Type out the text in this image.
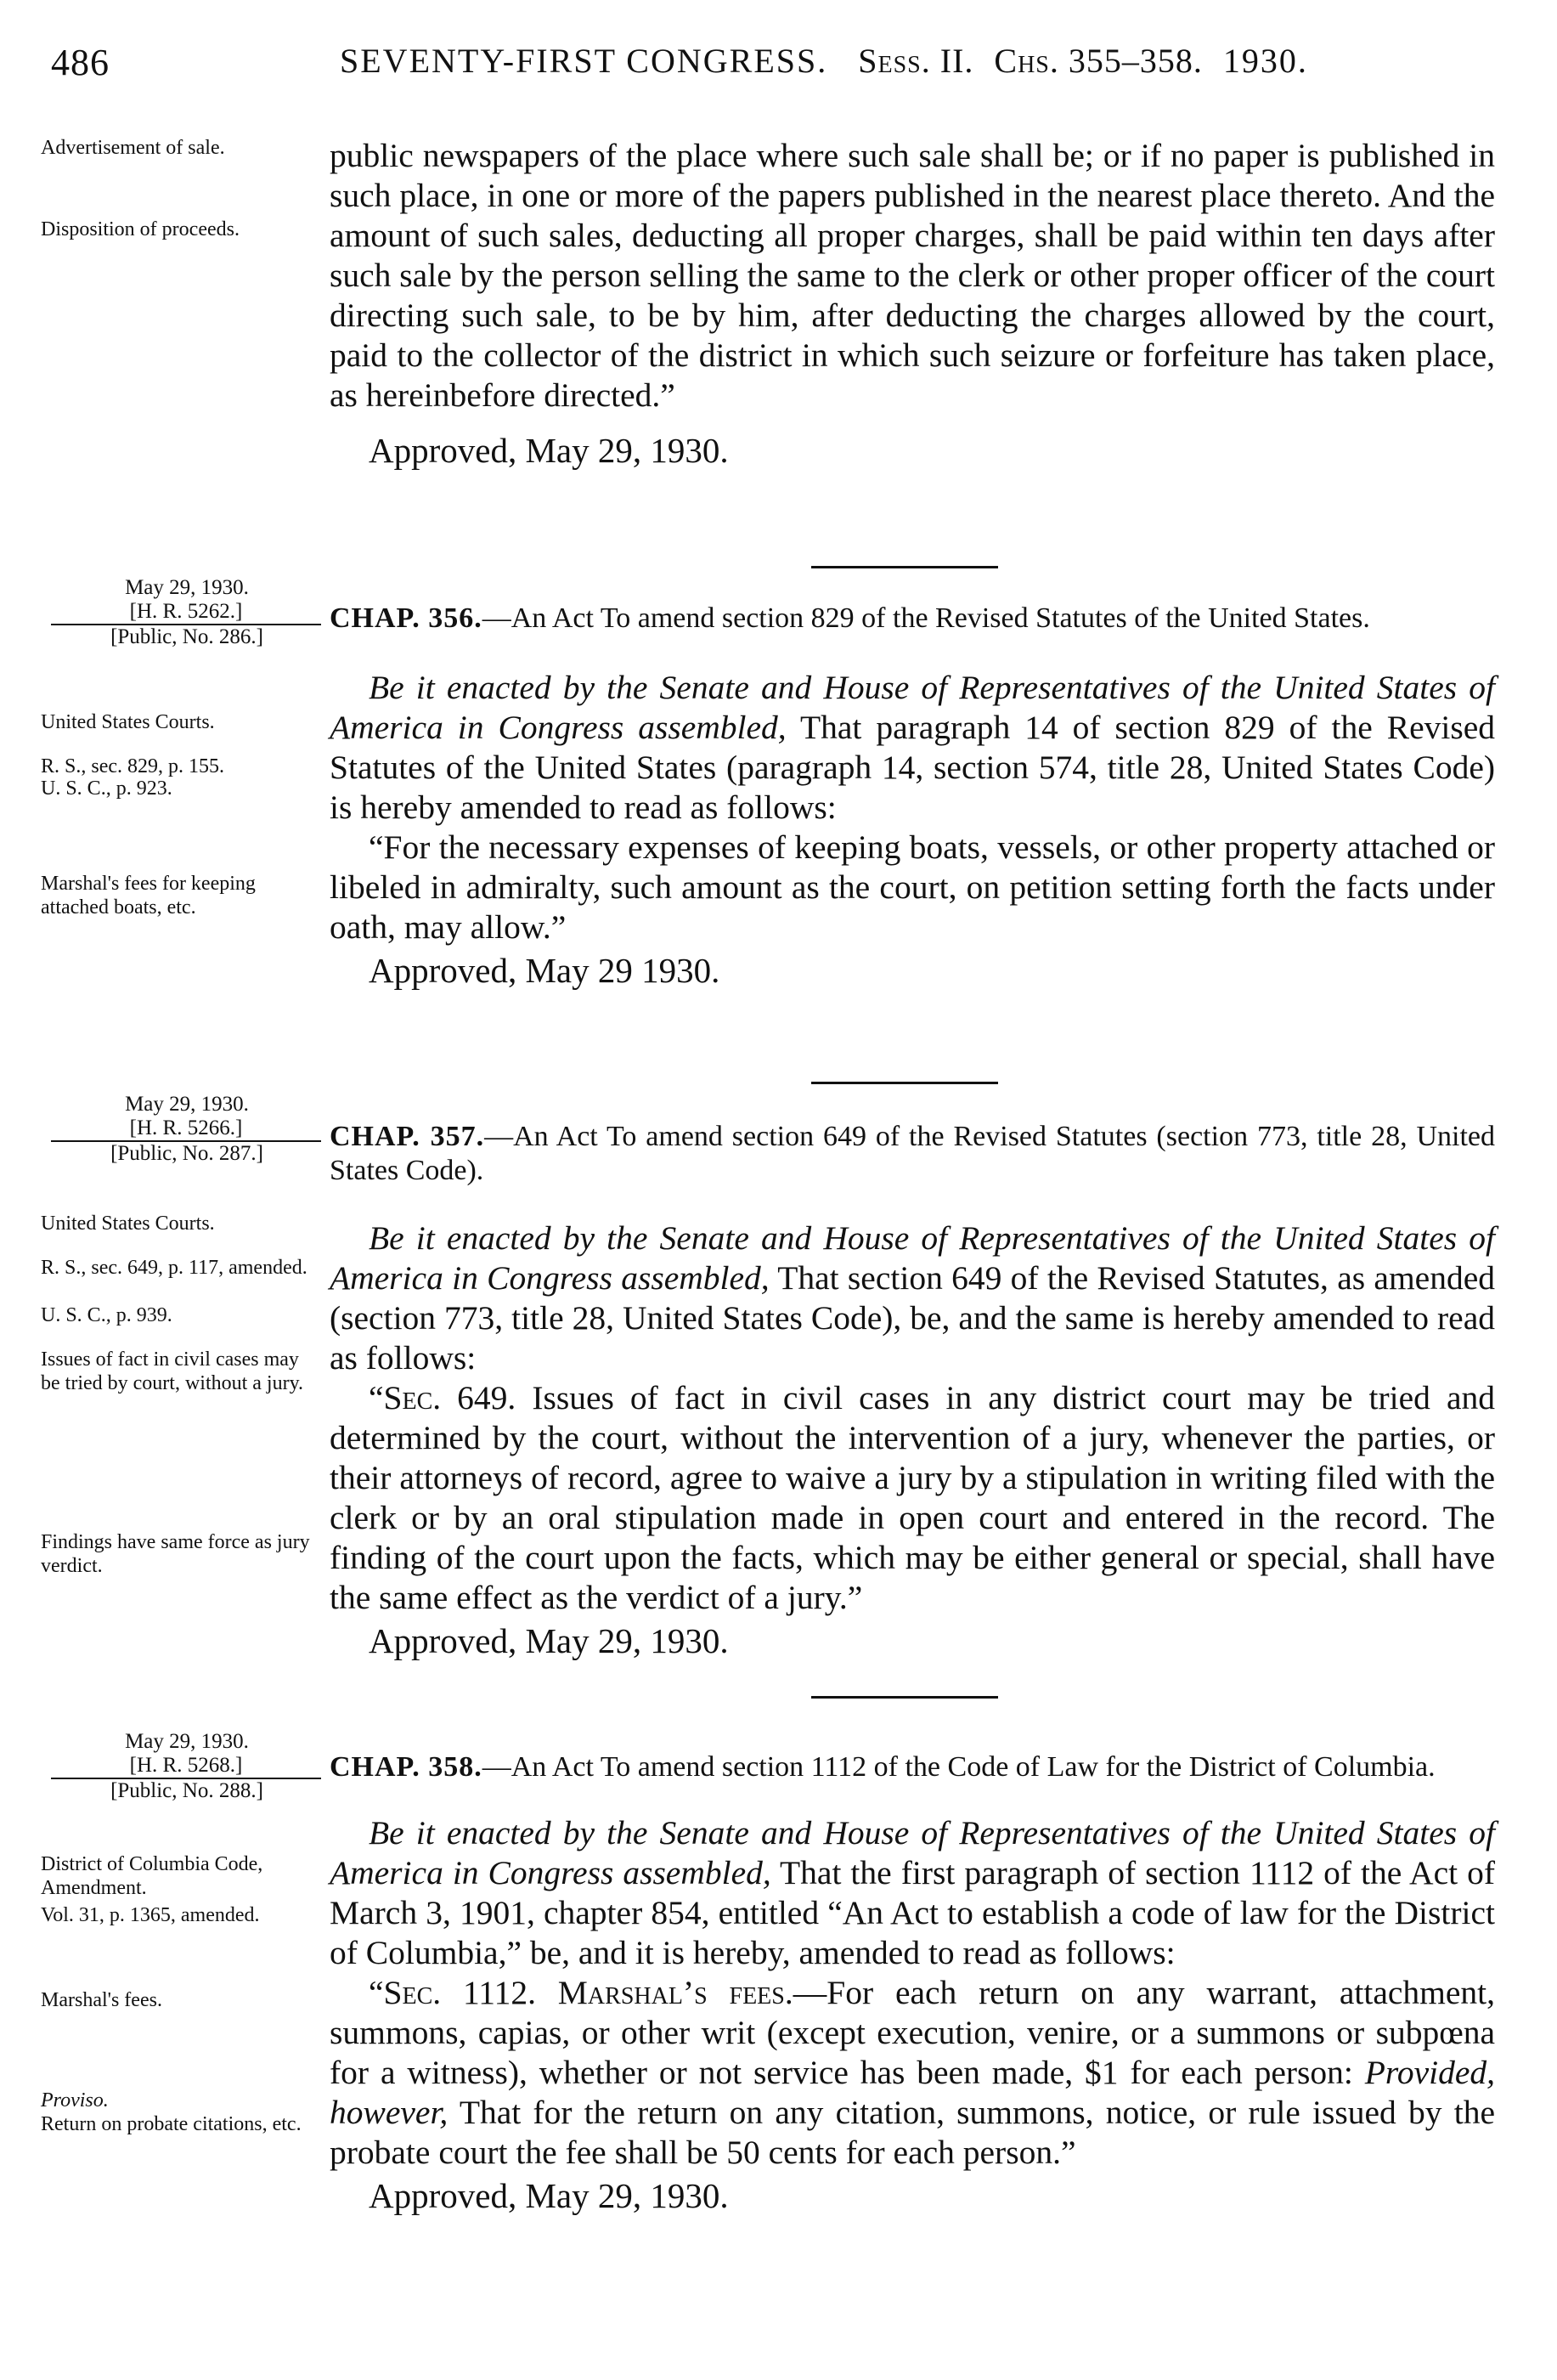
486	SEVENTY-FIRST CONGRESS. Sess. II. Chs. 355–358. 1930.
Advertisement of sale.
Disposition of proceeds.

public newspapers of the place where such sale shall be; or if no paper is published in such place, in one or more of the papers published in the nearest place thereto. And the amount of such sales, deducting all proper charges, shall be paid within ten days after such sale by the person selling the same to the clerk or other proper officer of the court directing such sale, to be by him, after deducting the charges allowed by the court, paid to the collector of the district in which such seizure or forfeiture has taken place, as hereinbefore directed.”

Approved, May 29, 1930.
May 29, 1930.
[H. R. 5262.]
[Public, No. 286.]

CHAP. 356.—An Act To amend section 829 of the Revised Statutes of the United States.

Be it enacted by the Senate and House of Representatives of the United States of America in Congress assembled, That paragraph 14 of section 829 of the Revised Statutes of the United States (paragraph 14, section 574, title 28, United States Code) is hereby amended to read as follows:

“For the necessary expenses of keeping boats, vessels, or other property attached or libeled in admiralty, such amount as the court, on petition setting forth the facts under oath, may allow.”

Approved, May 29 1930.
United States Courts.
R. S., sec. 829, p. 155.
U. S. C., p. 923.
Marshal's fees for keeping attached boats, etc.
May 29, 1930.
[H. R. 5266.]
[Public, No. 287.]

CHAP. 357.—An Act To amend section 649 of the Revised Statutes (section 773, title 28, United States Code).

Be it enacted by the Senate and House of Representatives of the United States of America in Congress assembled, That section 649 of the Revised Statutes, as amended (section 773, title 28, United States Code), be, and the same is hereby amended to read as follows:

“Sec. 649. Issues of fact in civil cases in any district court may be tried and determined by the court, without the intervention of a jury, whenever the parties, or their attorneys of record, agree to waive a jury by a stipulation in writing filed with the clerk or by an oral stipulation made in open court and entered in the record. The finding of the court upon the facts, which may be either general or special, shall have the same effect as the verdict of a jury.”

Approved, May 29, 1930.
United States Courts.
R. S., sec. 649, p. 117, amended.
U. S. C., p. 939.
Issues of fact in civil cases may be tried by court, without a jury.
Findings have same force as jury verdict.
May 29, 1930.
[H. R. 5268.]
[Public, No. 288.]

CHAP. 358.—An Act To amend section 1112 of the Code of Law for the District of Columbia.

Be it enacted by the Senate and House of Representatives of the United States of America in Congress assembled, That the first paragraph of section 1112 of the Act of March 3, 1901, chapter 854, entitled “An Act to establish a code of law for the District of Columbia,” be, and it is hereby, amended to read as follows:

“Sec. 1112. Marshal’s fees.—For each return on any warrant, attachment, summons, capias, or other writ (except execution, venire, or a summons or subpœna for a witness), whether or not service has been made, $1 for each person: Provided, however, That for the return on any citation, summons, notice, or rule issued by the probate court the fee shall be 50 cents for each person.”

Approved, May 29, 1930.
District of Columbia Code, Amendment.
Vol. 31, p. 1365, amended.
Marshal's fees.
Proviso.
Return on probate citations, etc.
